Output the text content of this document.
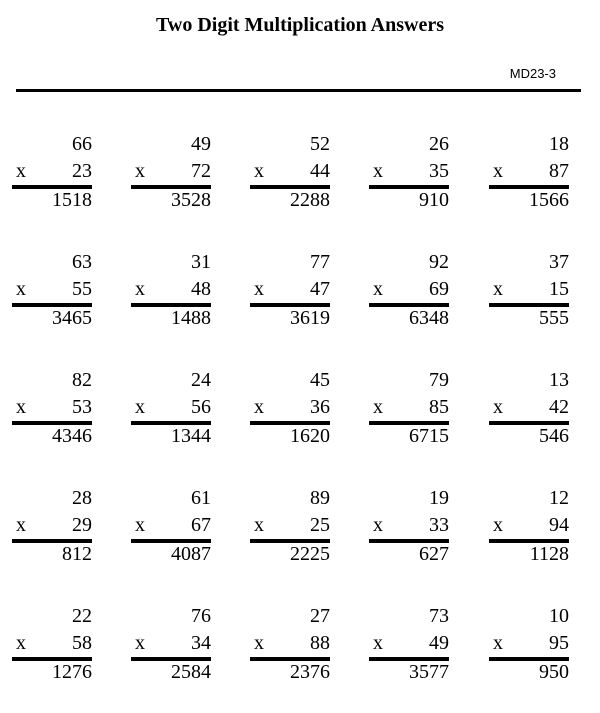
Two Digit Multiplication Answers
MD23-3
66
x 23
1518
49
x 72
3528
52
x 44
2288
26
x 35
910
18
x 87
1566
63
x 55
3465
31
x 48
1488
77
x 47
3619
92
x 69
6348
37
x 15
555
82
x 53
4346
24
x 56
1344
45
x 36
1620
79
x 85
6715
13
x 42
546
28
x 29
812
61
x 67
4087
89
x 25
2225
19
x 33
627
12
x 94
1128
22
x 58
1276
76
x 34
2584
27
x 88
2376
73
x 49
3577
10
x 95
950
